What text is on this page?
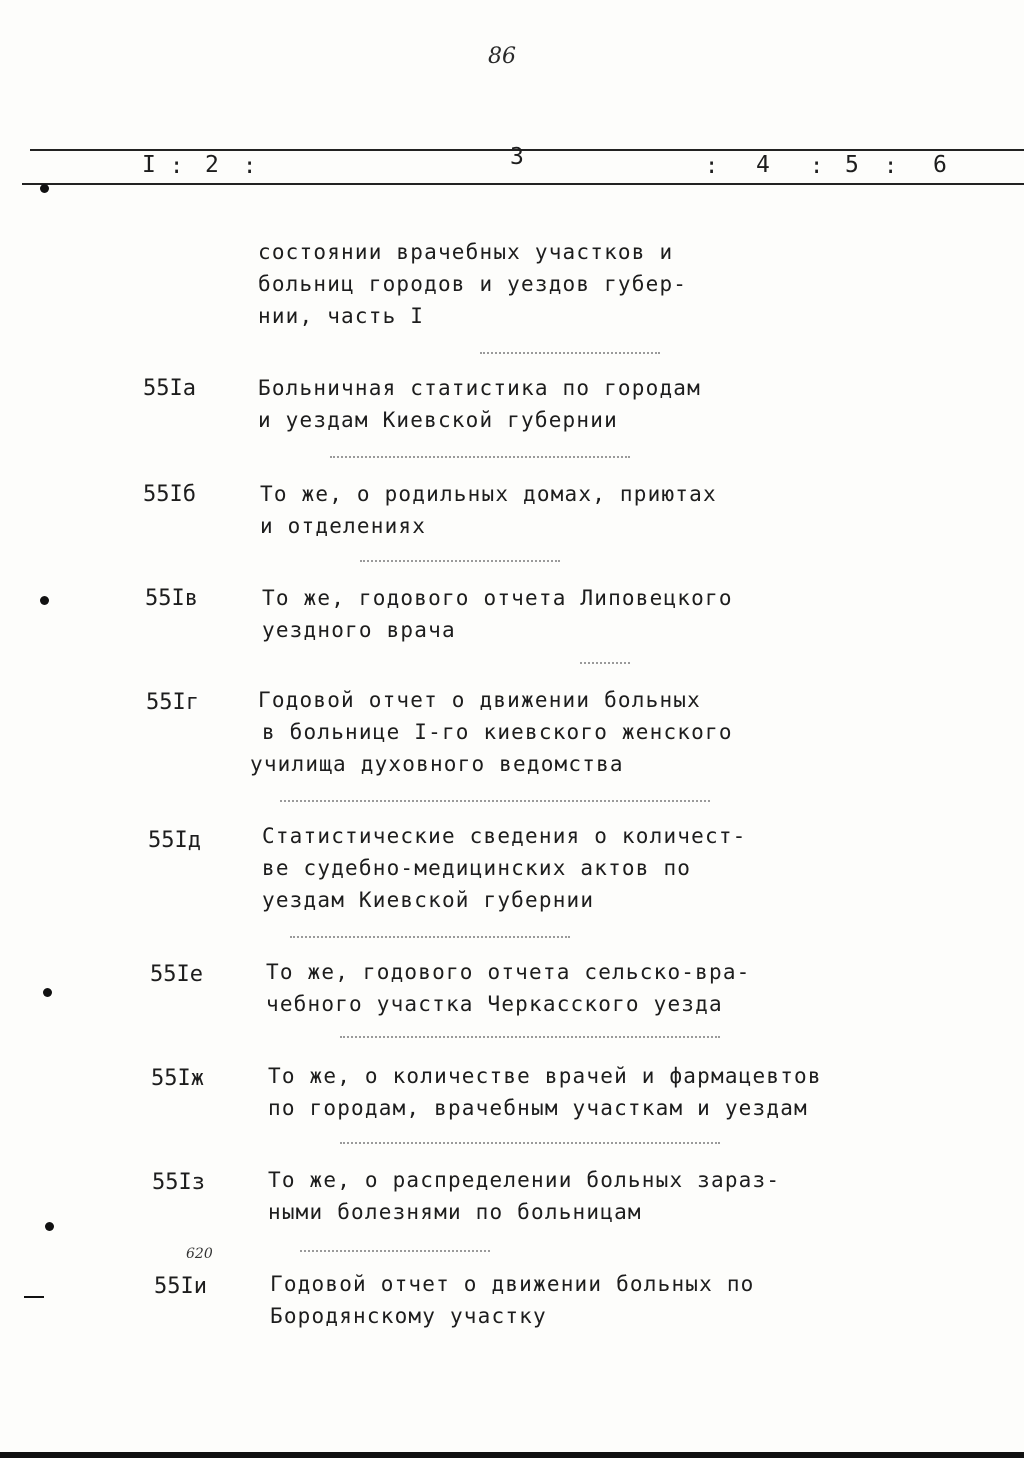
86
I : 2 :	3	: 4 : 5 : 6
состоянии врачебных участков и
больниц городов и уездов губер-
нии, часть I
55Iа	Больничная статистика по городам
и уездам Киевской губернии
55Iб	То же, о родильных домах, приютах
и отделениях
55Iв	То же, годового отчета Липовецкого
уездного врача
55Iг	Годовой отчет о движении больных
в больнице I-го киевского женского
училища духовного ведомства
55Iд	Статистические сведения о количест-
ве судебно-медицинских актов по
уездам Киевской губернии
55Iе	То же, годового отчета сельско-вра-
чебного участка Черкасского уезда
55Iж	То же, о количестве врачей и фармацевтов
по городам, врачебным участкам и уездам
55Iз	То же, о распределении больных зараз-
ными болезнями по больницам
620
55Iи	Годовой отчет о движении больных по
Бородянскому участку
